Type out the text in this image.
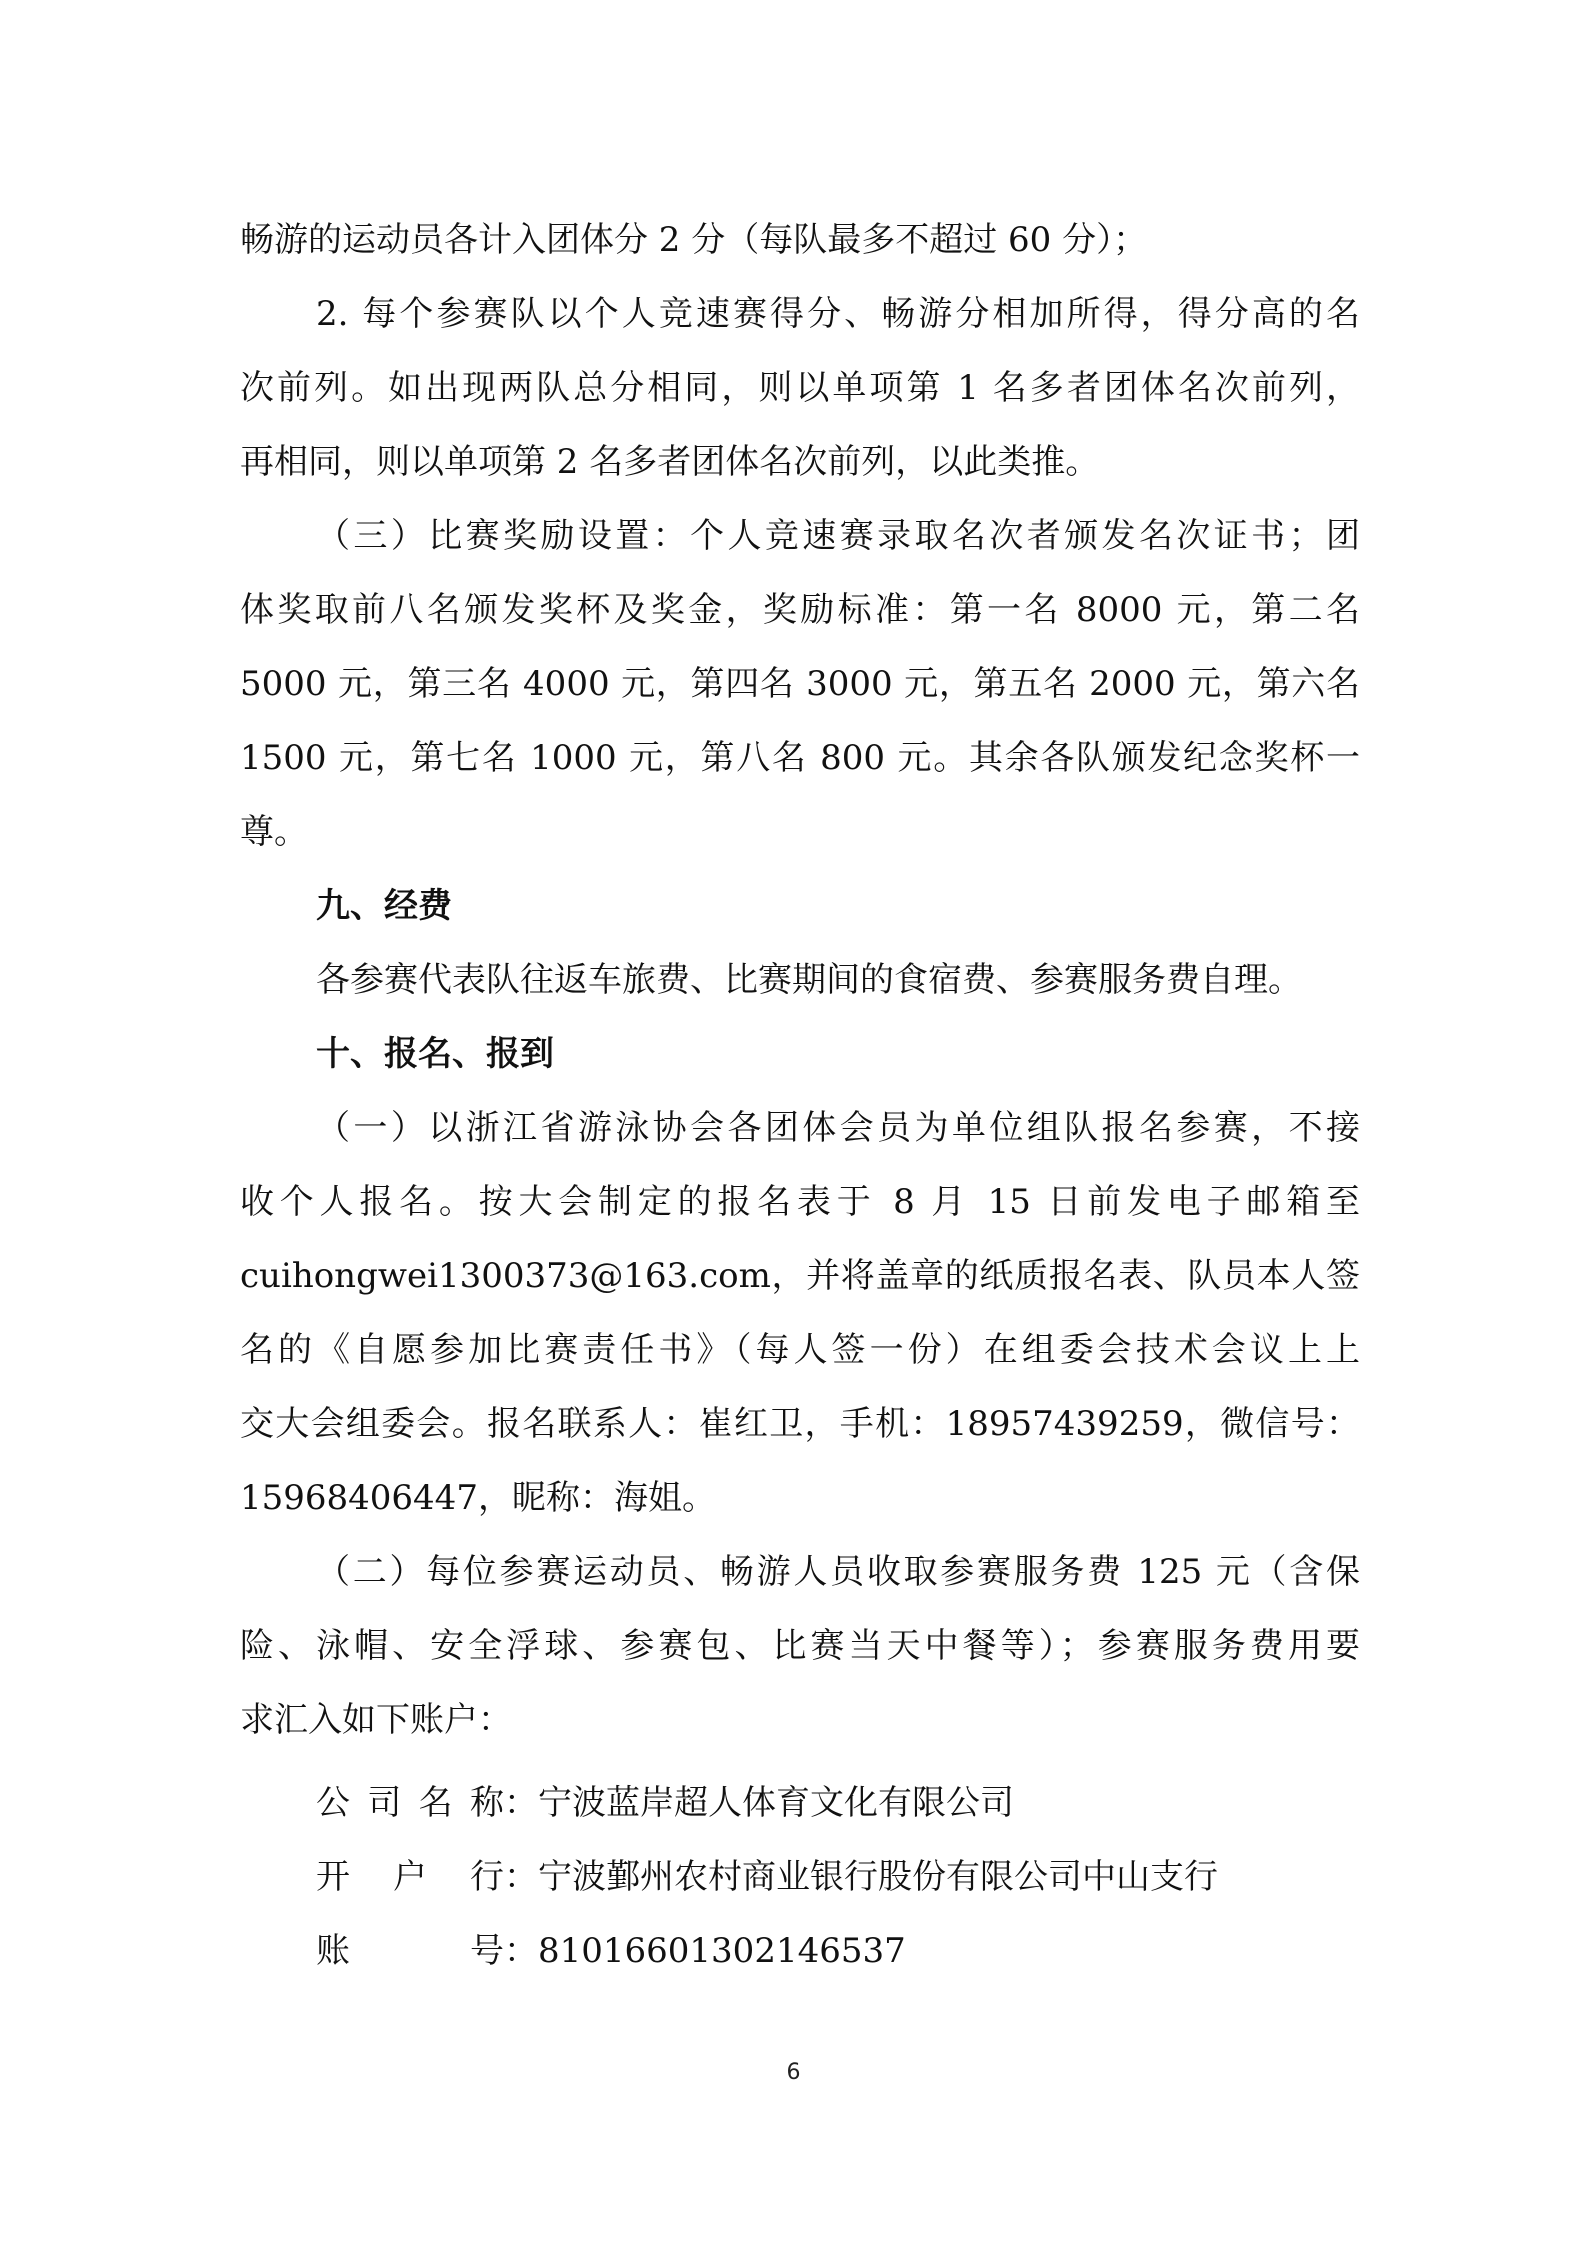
畅游的运动员各计入团体分 2 分（每队最多不超过 60 分）；
2. 每个参赛队以个人竞速赛得分、畅游分相加所得，得分高的名
次前列。如出现两队总分相同，则以单项第 1 名多者团体名次前列，
再相同，则以单项第 2 名多者团体名次前列，以此类推。
（三）比赛奖励设置：个人竞速赛录取名次者颁发名次证书；团
体奖取前八名颁发奖杯及奖金，奖励标准：第一名 8000 元，第二名
5000 元，第三名 4000 元，第四名 3000 元，第五名 2000 元，第六名
1500 元，第七名 1000 元，第八名 800 元。其余各队颁发纪念奖杯一
尊。
九、经费
各参赛代表队往返车旅费、比赛期间的食宿费、参赛服务费自理。
十、报名、报到
（一）以浙江省游泳协会各团体会员为单位组队报名参赛，不接
收个人报名。按大会制定的报名表于 8 月 15 日前发电子邮箱至
cuihongwei1300373@163.com，并将盖章的纸质报名表、队员本人签
名的《自愿参加比赛责任书》（每人签一份）在组委会技术会议上上
交大会组委会。报名联系人：崔红卫，手机：18957439259，微信号：
15968406447，昵称：海姐。
（二）每位参赛运动员、畅游人员收取参赛服务费 125 元（含保
险、泳帽、安全浮球、参赛包、比赛当天中餐等）；参赛服务费用要
求汇入如下账户：
公司名称 ： 宁波蓝岸超人体育文化有限公司
开 户 行 ： 宁波鄞州农村商业银行股份有限公司中山支行
账 号 ： 81016601302146537
6
